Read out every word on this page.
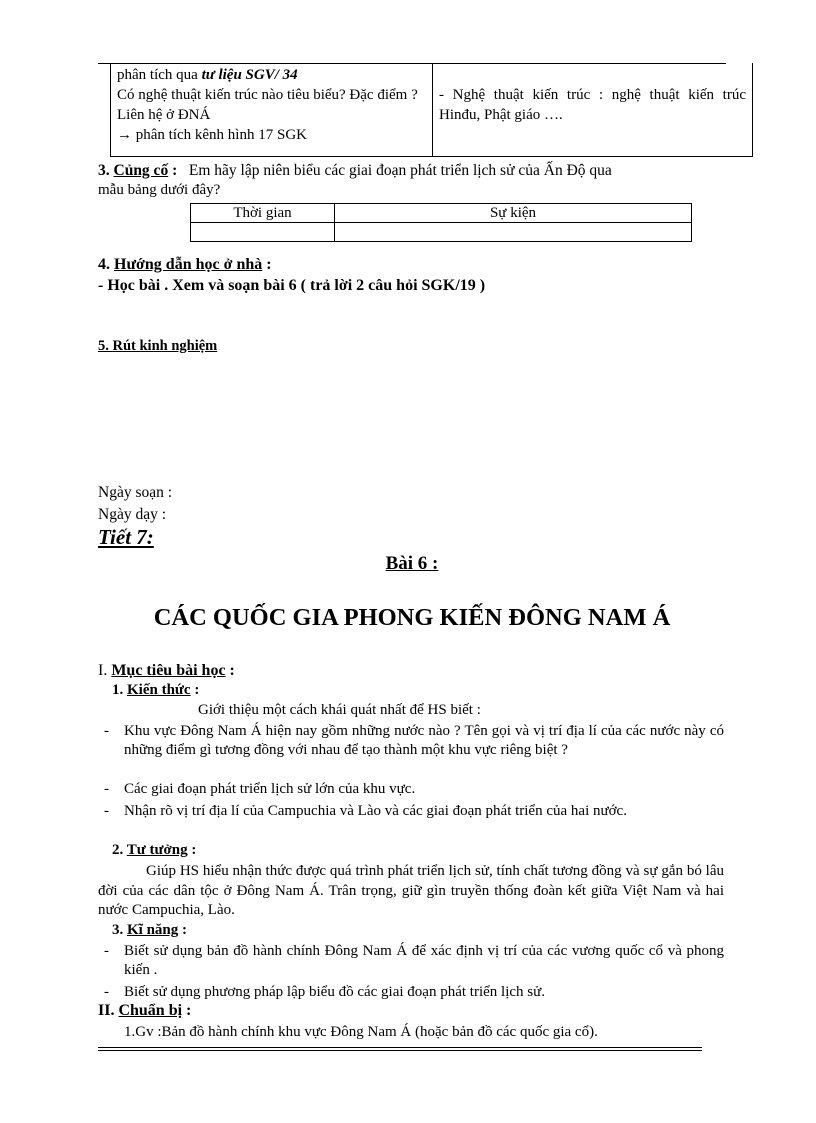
phân tích qua tư liệu SGV/ 34
Có nghệ thuật kiến trúc nào tiêu biểu? Đặc điểm ? Liên hệ ở ĐNÁ
→ phân tích kênh hình 17 SGK
- Nghệ thuật kiến trúc : nghệ thuật kiến trúc Hinđu, Phật giáo ….
3. Củng cố : Em hãy lập niên biểu các giai đoạn phát triển lịch sử của Ấn Độ qua
mẫu bảng dưới đây?
Thời gian	Sự kiện

4. Hướng dẫn học ở nhà :
- Học bài . Xem và soạn bài 6 ( trả lời 2 câu hỏi SGK/19 )
5. Rút kinh nghiệm
Ngày soạn :
Ngày dạy :
Tiết 7:
Bài 6 :
CÁC QUỐC GIA PHONG KIẾN ĐÔNG NAM Á
I. Mục tiêu bài học :
1. Kiến thức :
Giới thiệu một cách khái quát nhất để HS biết :
- Khu vực Đông Nam Á hiện nay gồm những nước nào ? Tên gọi và vị trí địa lí của các nước này có những điểm gì tương đồng với nhau để tạo thành một khu vực riêng biệt ?
- Các giai đoạn phát triển lịch sử lớn của khu vực.
- Nhận rõ vị trí địa lí của Campuchia và Lào và các giai đoạn phát triển của hai nước.
2. Tư tưởng :
Giúp HS hiểu nhận thức được quá trình phát triển lịch sử, tính chất tương đồng và sự gắn bó lâu đời của các dân tộc ở Đông Nam Á. Trân trọng, giữ gìn truyền thống đoàn kết giữa Việt Nam và hai nước Campuchia, Lào.
3. Kĩ năng :
- Biết sử dụng bản đồ hành chính Đông Nam Á để xác định vị trí của các vương quốc cổ và phong kiến .
- Biết sử dụng phương pháp lập biểu đồ các giai đoạn phát triển lịch sử.
II. Chuẩn bị :
1.Gv :Bản đồ hành chính khu vực Đông Nam Á (hoặc bản đồ các quốc gia cổ).
